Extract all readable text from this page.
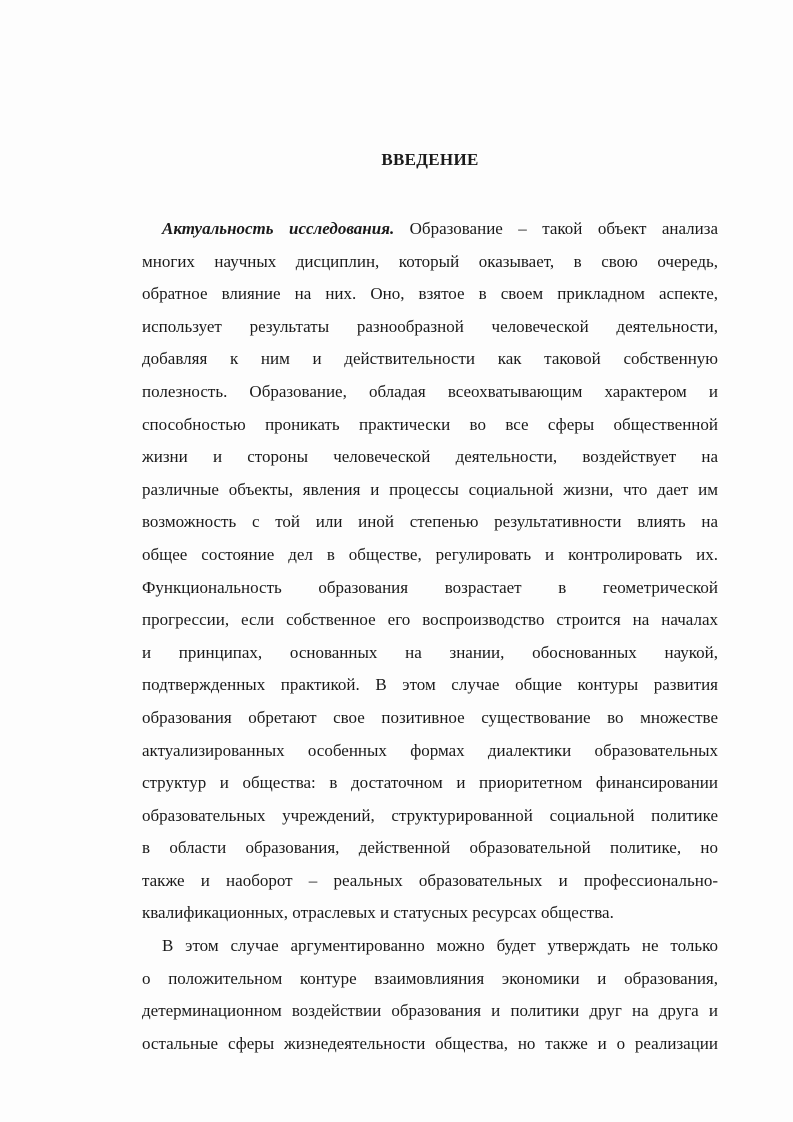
ВВЕДЕНИЕ
Актуальность исследования. Образование – такой объект анализа
многих научных дисциплин, который оказывает, в свою очередь,
обратное влияние на них. Оно, взятое в своем прикладном аспекте,
использует результаты разнообразной человеческой деятельности,
добавляя к ним и действительности как таковой собственную
полезность. Образование, обладая всеохватывающим характером и
способностью проникать практически во все сферы общественной
жизни и стороны человеческой деятельности, воздействует на
различные объекты, явления и процессы социальной жизни, что дает им
возможность с той или иной степенью результативности влиять на
общее состояние дел в обществе, регулировать и контролировать их.
Функциональность образования возрастает в геометрической
прогрессии, если собственное его воспроизводство строится на началах
и принципах, основанных на знании, обоснованных наукой,
подтвержденных практикой. В этом случае общие контуры развития
образования обретают свое позитивное существование во множестве
актуализированных особенных формах диалектики образовательных
структур и общества: в достаточном и приоритетном финансировании
образовательных учреждений, структурированной социальной политике
в области образования, действенной образовательной политике, но
также и наоборот – реальных образовательных и профессионально-
квалификационных, отраслевых и статусных ресурсах общества.
В этом случае аргументированно можно будет утверждать не только
о положительном контуре взаимовлияния экономики и образования,
детерминационном воздействии образования и политики друг на друга и
остальные сферы жизнедеятельности общества, но также и о реализации
